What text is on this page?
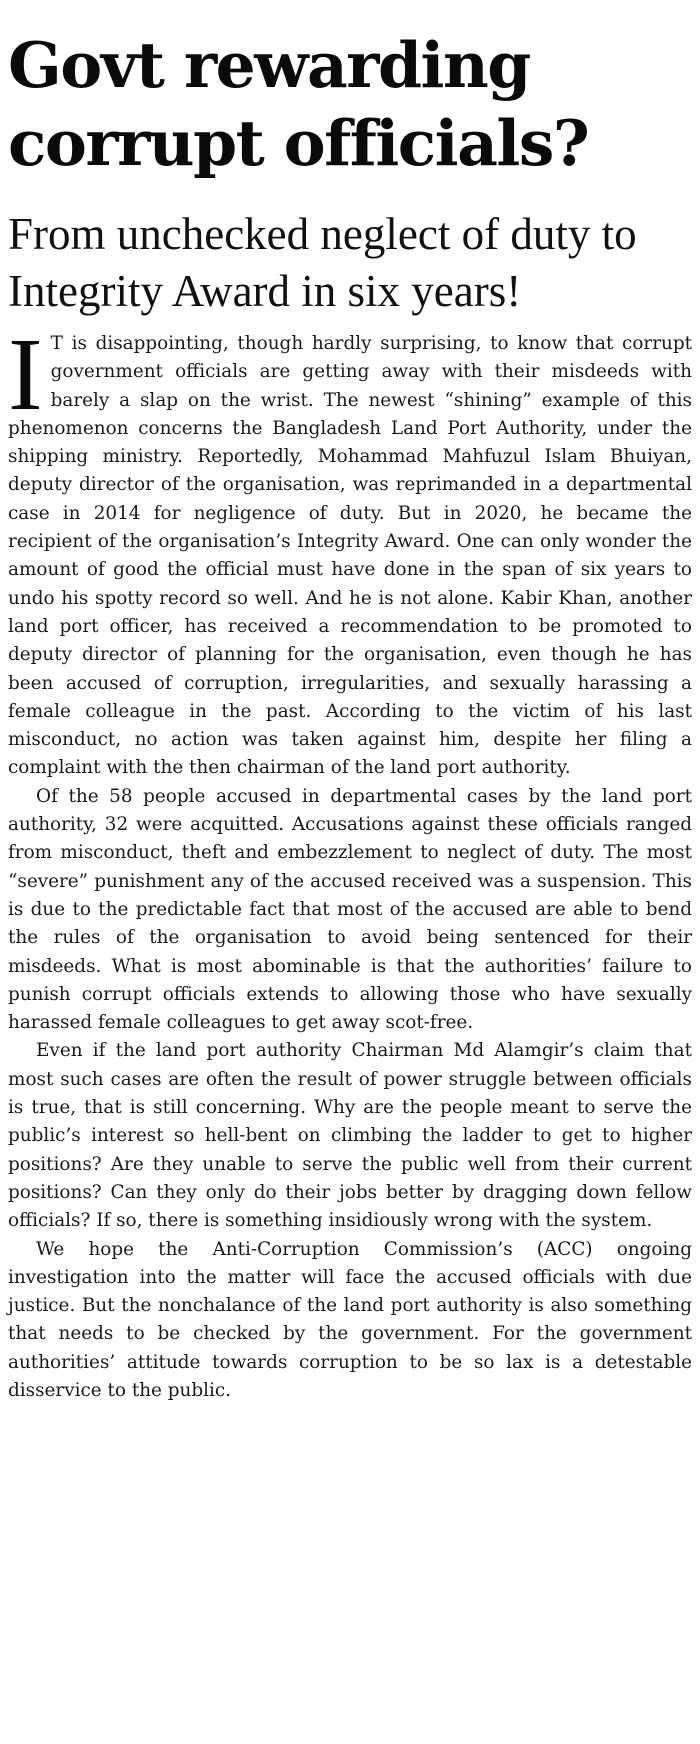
Govt rewarding corrupt officials?
From unchecked neglect of duty to Integrity Award in six years!

I T is disappointing, though hardly surprising, to know that corrupt government officials are getting away with their misdeeds with barely a slap on the wrist. The newest “shining” example of this phenomenon concerns the Bangladesh Land Port Authority, under the shipping ministry. Reportedly, Mohammad Mahfuzul Islam Bhuiyan, deputy director of the organisation, was reprimanded in a departmental case in 2014 for negligence of duty. But in 2020, he became the recipient of the organisation’s Integrity Award. One can only wonder the amount of good the official must have done in the span of six years to undo his spotty record so well. And he is not alone. Kabir Khan, another land port officer, has received a recommendation to be promoted to deputy director of planning for the organisation, even though he has been accused of corruption, irregularities, and sexually harassing a female colleague in the past. According to the victim of his last misconduct, no action was taken against him, despite her filing a complaint with the then chairman of the land port authority.

Of the 58 people accused in departmental cases by the land port authority, 32 were acquitted. Accusations against these officials ranged from misconduct, theft and embezzlement to neglect of duty. The most “severe” punishment any of the accused received was a suspension. This is due to the predictable fact that most of the accused are able to bend the rules of the organisation to avoid being sentenced for their misdeeds. What is most abominable is that the authorities’ failure to punish corrupt officials extends to allowing those who have sexually harassed female colleagues to get away scot-free.

Even if the land port authority Chairman Md Alamgir’s claim that most such cases are often the result of power struggle between officials is true, that is still concerning. Why are the people meant to serve the public’s interest so hell-bent on climbing the ladder to get to higher positions? Are they unable to serve the public well from their current positions? Can they only do their jobs better by dragging down fellow officials? If so, there is something insidiously wrong with the system.

We hope the Anti-Corruption Commission’s (ACC) ongoing investigation into the matter will face the accused officials with due justice. But the nonchalance of the land port authority is also something that needs to be checked by the government. For the government authorities’ attitude towards corruption to be so lax is a detestable disservice to the public.
